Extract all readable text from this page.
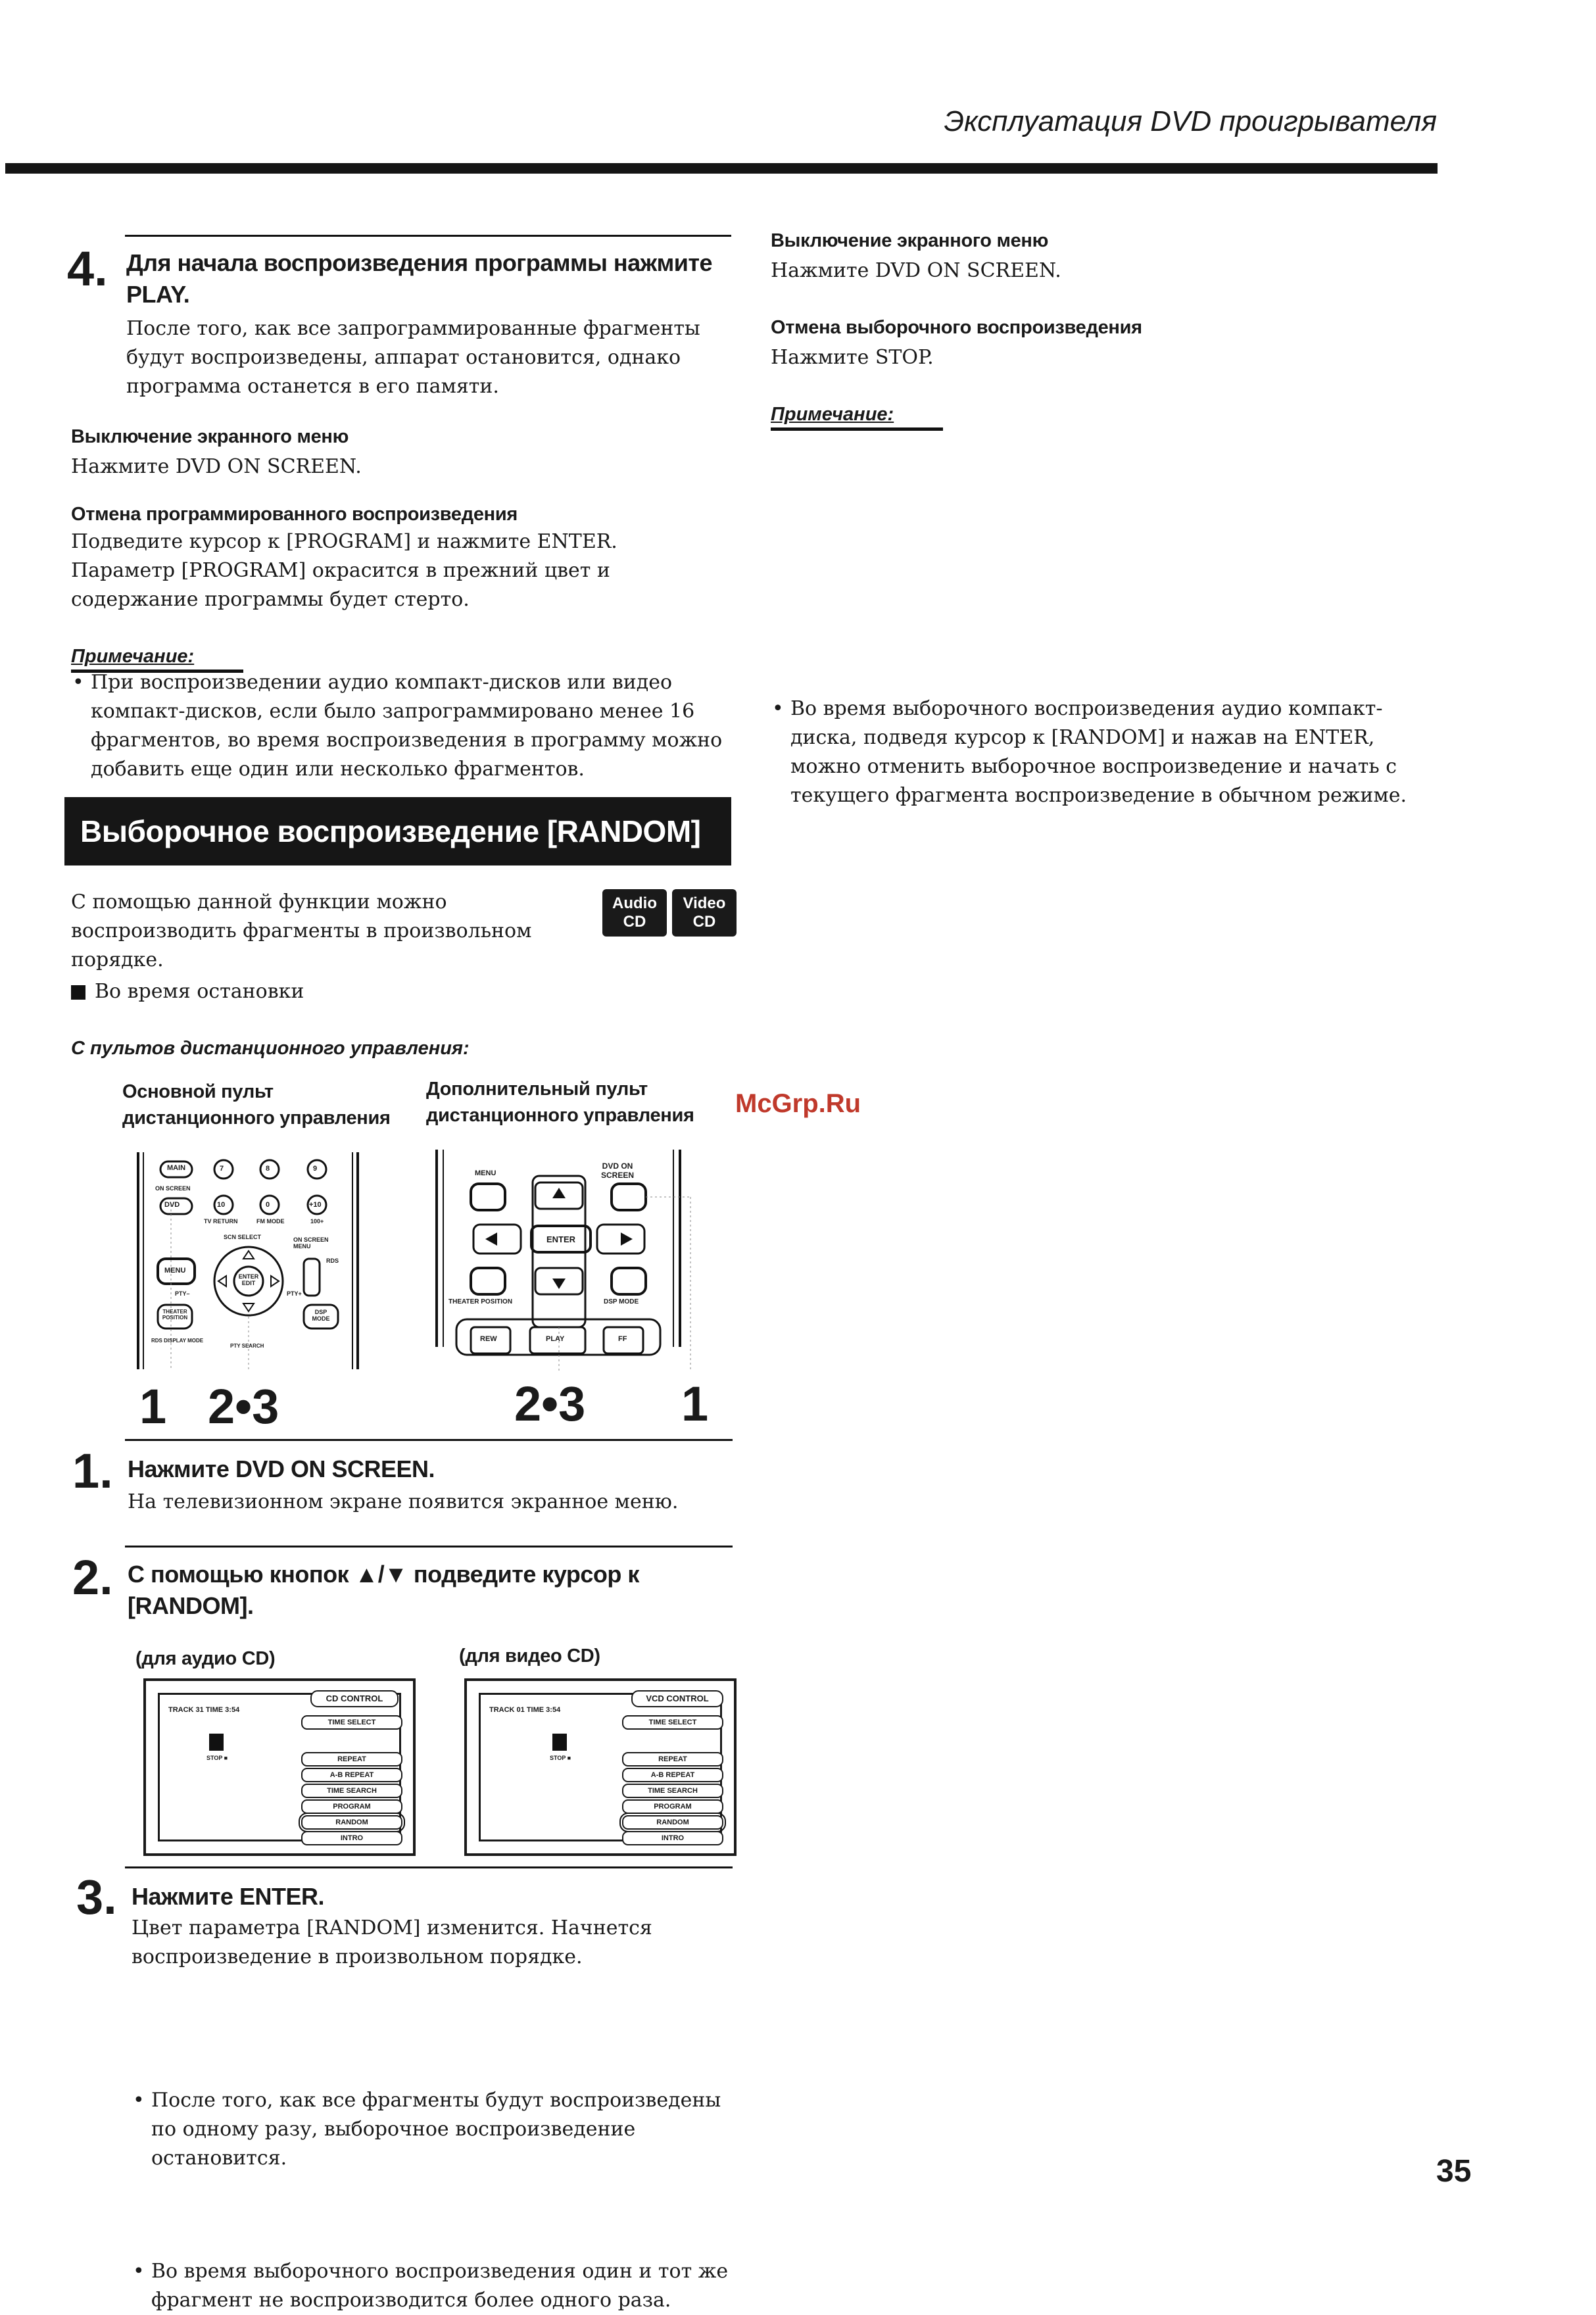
Эксплуатация DVD проигрывателя
4. Для начала воспроизведения программы нажмите PLAY.
После того, как все запрограммированные фрагменты будут воспроизведены, аппарат остановится, однако программа останется в его памяти.
Выключение экранного меню
Нажмите DVD ON SCREEN.
Отмена программированного воспроизведения
Подведите курсор к [PROGRAM] и нажмите ENTER. Параметр [PROGRAM] окрасится в прежний цвет и содержание программы будет стерто.
Примечание:
• При воспроизведении аудио компакт-дисков или видео компакт-дисков, если было запрограммировано менее 16 фрагментов, во время воспроизведения в программу можно добавить еще один или несколько фрагментов.
Выборочное воспроизведение [RANDOM]
С помощью данной функции можно воспроизводить фрагменты в произвольном порядке.
Audio
CD
Video
CD
Во время остановки
С пультов дистанционного управления:
Основной пульт дистанционного управления
Дополнительный пульт дистанционного управления
MAIN	7	8	9
ON SCREEN
DVD	10	0	+10
TV RETURN	FM MODE	100+
SCN SELECT	ON SCREEN MENU
RDS
MENU
PTY–	PTY+
ENTER EDIT
THEATER POSITION
DSP MODE
RDS DISPLAY MODE
PTY SEARCH
MENU
DVD ON SCREEN
ENTER
THEATER POSITION	DSP MODE
REW	PLAY	FF
1 2•3	2•3 1
1. Нажмите DVD ON SCREEN.
На телевизионном экране появится экранное меню.
2. С помощью кнопок ▲/▼ подведите курсор к [RANDOM].
(для аудио CD)	(для видео CD)
TRACK 31 TIME 3:54
STOP ■
CD CONTROL
TIME SELECT
REPEAT
A-B REPEAT
TIME SEARCH
PROGRAM
RANDOM
INTRO
TRACK 01 TIME 3:54
STOP ■
VCD CONTROL
TIME SELECT
REPEAT
A-B REPEAT
TIME SEARCH
PROGRAM
RANDOM
INTRO
3. Нажмите ENTER.
Цвет параметра [RANDOM] изменится. Начнется воспроизведение в произвольном порядке.
• После того, как все фрагменты будут воспроизведены по одному разу, выборочное воспроизведение остановится.
• Во время выборочного воспроизведения один и тот же фрагмент не воспроизводится более одного раза.
Выключение экранного меню
Нажмите DVD ON SCREEN.
Отмена выборочного воспроизведения
Нажмите STOP.
Примечание:
• Во время выборочного воспроизведения аудио компакт-диска, подведя курсор к [RANDOM] и нажав на ENTER, можно отменить выборочное воспроизведение и начать с текущего фрагмента воспроизведение в обычном режиме.
McGrp.Ru
35
